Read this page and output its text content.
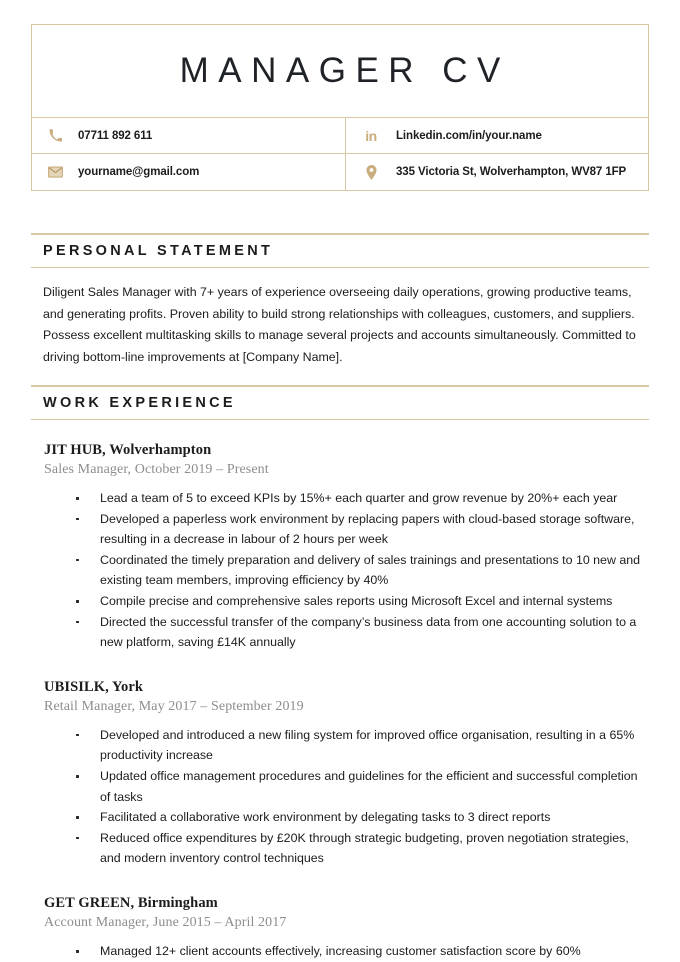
MANAGER CV
07711 892 611	in Linkedin.com/in/your.name
yourname@gmail.com	335 Victoria St, Wolverhampton, WV87 1FP
PERSONAL STATEMENT
Diligent Sales Manager with 7+ years of experience overseeing daily operations, growing productive teams, and generating profits. Proven ability to build strong relationships with colleagues, customers, and suppliers. Possess excellent multitasking skills to manage several projects and accounts simultaneously. Committed to driving bottom-line improvements at [Company Name].
WORK EXPERIENCE
JIT HUB, Wolverhampton
Sales Manager, October 2019 – Present
Lead a team of 5 to exceed KPIs by 15%+ each quarter and grow revenue by 20%+ each year
Developed a paperless work environment by replacing papers with cloud-based storage software, resulting in a decrease in labour of 2 hours per week
Coordinated the timely preparation and delivery of sales trainings and presentations to 10 new and existing team members, improving efficiency by 40%
Compile precise and comprehensive sales reports using Microsoft Excel and internal systems
Directed the successful transfer of the company’s business data from one accounting solution to a new platform, saving £14K annually
UBISILK, York
Retail Manager, May 2017 – September 2019
Developed and introduced a new filing system for improved office organisation, resulting in a 65% productivity increase
Updated office management procedures and guidelines for the efficient and successful completion of tasks
Facilitated a collaborative work environment by delegating tasks to 3 direct reports
Reduced office expenditures by £20K through strategic budgeting, proven negotiation strategies, and modern inventory control techniques
GET GREEN, Birmingham
Account Manager, June 2015 – April 2017
Managed 12+ client accounts effectively, increasing customer satisfaction score by 60%
